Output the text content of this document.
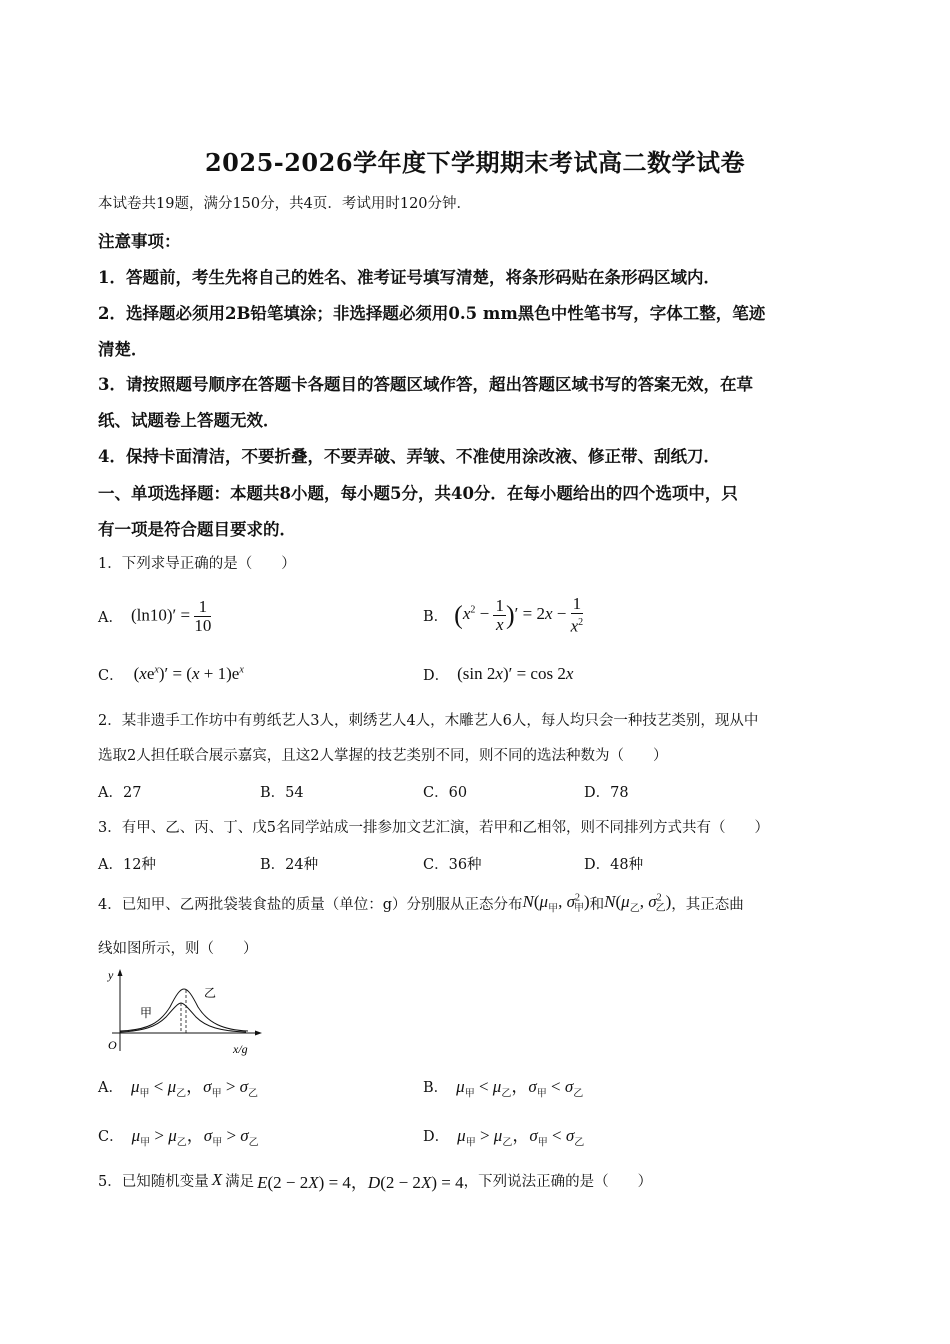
2025-2026学年度下学期期末考试高二数学试卷
本试卷共19题，满分150分，共4页．考试用时120分钟．
注意事项：
1．答题前，考生先将自己的姓名、准考证号填写清楚，将条形码贴在条形码区域内．
2．选择题必须用2B铅笔填涂；非选择题必须用0.5 mm黑色中性笔书写，字体工整，笔迹
清楚．
3．请按照题号顺序在答题卡各题目的答题区域作答，超出答题区域书写的答案无效，在草
纸、试题卷上答题无效．
4．保持卡面清洁，不要折叠，不要弄破、弄皱、不准使用涂改液、修正带、刮纸刀．
一、单项选择题：本题共8小题，每小题5分，共40分．在每小题给出的四个选项中，只
有一项是符合题目要求的．
1．下列求导正确的是（　　）
A． $(\ln 10)' = \frac{1}{10}$	B． ($x^2 - \frac{1}{x}$ )′ = $2x - \frac{1}{x^2}$
C． $(xe^x)' = (x + 1)e^x$	D． (sin 2x)′ = cos 2x
2．某非遗手工作坊中有剪纸艺人3人，刺绣艺人4人，木雕艺人6人，每人均只会一种技艺类别，现从中
选取2人担任联合展示嘉宾，且这2人掌握的技艺类别不同，则不同的选法种数为（　　）
A．27	B．54	C．60	D．78
3．有甲、乙、丙、丁、戊5名同学站成一排参加文艺汇演，若甲和乙相邻，则不同排列方式共有（　　）
A．12种	B．24种	C．36种	D．48种
4．已知甲、乙两批袋装食盐的质量（单位：g）分别服从正态分布 $N(\mu_甲$, $\sigma^2_甲$) 和 $N(\mu_乙$, $\sigma^2_乙$) ，其正态曲
线如图所示，则（　　）
y
O	x/g
甲
乙
A． $\mu_甲 < \mu_乙$，$\sigma_甲 > \sigma_乙$	B． $\mu_甲 < \mu_乙$，$\sigma_甲 < \sigma_乙$
C． $\mu_甲 > \mu_乙$，$\sigma_甲 > \sigma_乙$	D． $\mu_甲 > \mu_乙$，$\sigma_甲 < \sigma_乙$
5．已知随机变量 X 满足 E(2 − 2X) = 4，D(2 − 2X) = 4 ，下列说法正确的是（　　）
